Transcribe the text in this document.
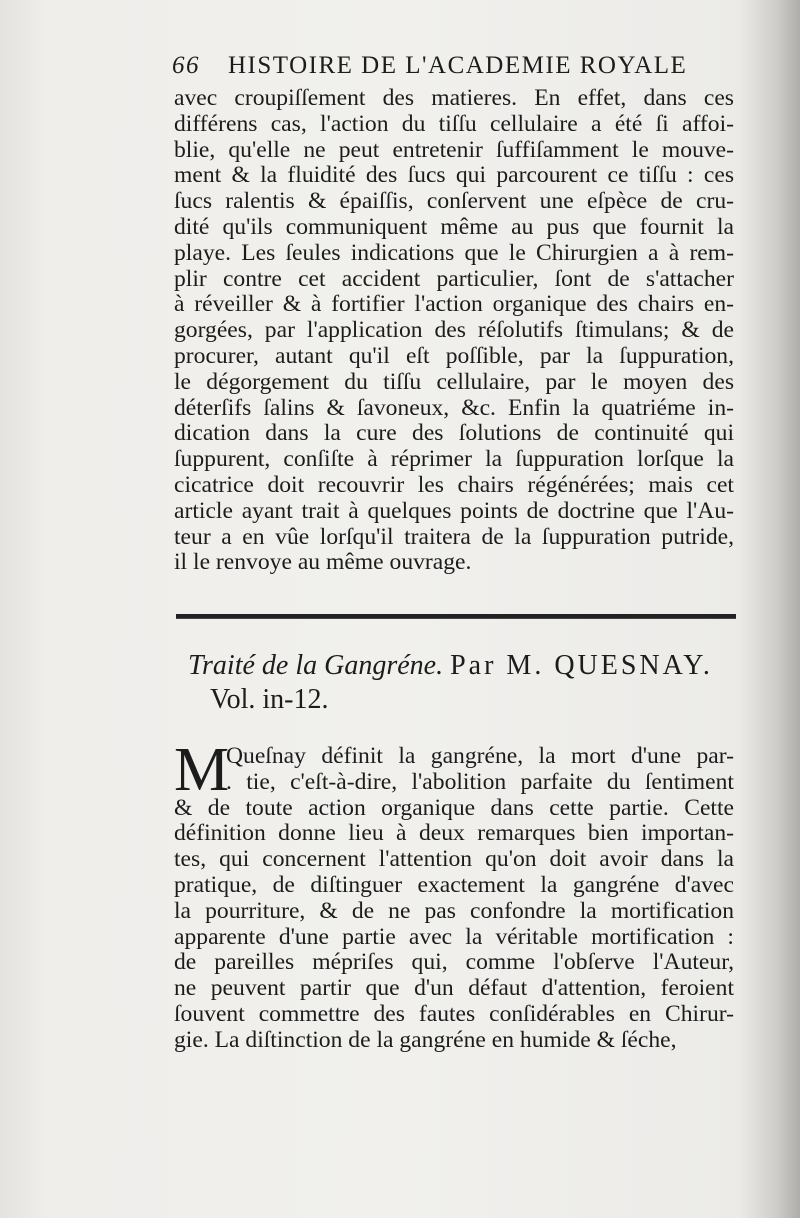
66 HISTOIRE DE L'ACADEMIE ROYALE
avec croupiſſement des matieres. En effet, dans ces
différens cas, l'action du tiſſu cellulaire a été ſi affoi-
blie, qu'elle ne peut entretenir ſuffiſamment le mouve-
ment & la fluidité des ſucs qui parcourent ce tiſſu : ces
ſucs ralentis & épaiſſis, conſervent une eſpèce de cru-
dité qu'ils communiquent même au pus que fournit la
playe. Les ſeules indications que le Chirurgien a à rem-
plir contre cet accident particulier, ſont de s'attacher
à réveiller & à fortifier l'action organique des chairs en-
gorgées, par l'application des réſolutifs ſtimulans; & de
procurer, autant qu'il eſt poſſible, par la ſuppuration,
le dégorgement du tiſſu cellulaire, par le moyen des
déterſifs ſalins & ſavoneux, &c. Enfin la quatriéme in-
dication dans la cure des ſolutions de continuité qui
ſuppurent, conſiſte à réprimer la ſuppuration lorſque la
cicatrice doit recouvrir les chairs régénérées; mais cet
article ayant trait à quelques points de doctrine que l'Au-
teur a en vûe lorſqu'il traitera de la ſuppuration putride,
il le renvoye au même ouvrage.
Traité de la Gangréne. Par M. QUESNAY.
Vol. in-12.
M
Queſnay définit la gangréne, la mort d'une par-
. tie, c'eſt-à-dire, l'abolition parfaite du ſentiment
& de toute action organique dans cette partie. Cette
définition donne lieu à deux remarques bien importan-
tes, qui concernent l'attention qu'on doit avoir dans la
pratique, de diſtinguer exactement la gangréne d'avec
la pourriture, & de ne pas confondre la mortification
apparente d'une partie avec la véritable mortification :
de pareilles mépriſes qui, comme l'obſerve l'Auteur,
ne peuvent partir que d'un défaut d'attention, feroient
ſouvent commettre des fautes conſidérables en Chirur-
gie. La diſtinction de la gangréne en humide & ſéche,
